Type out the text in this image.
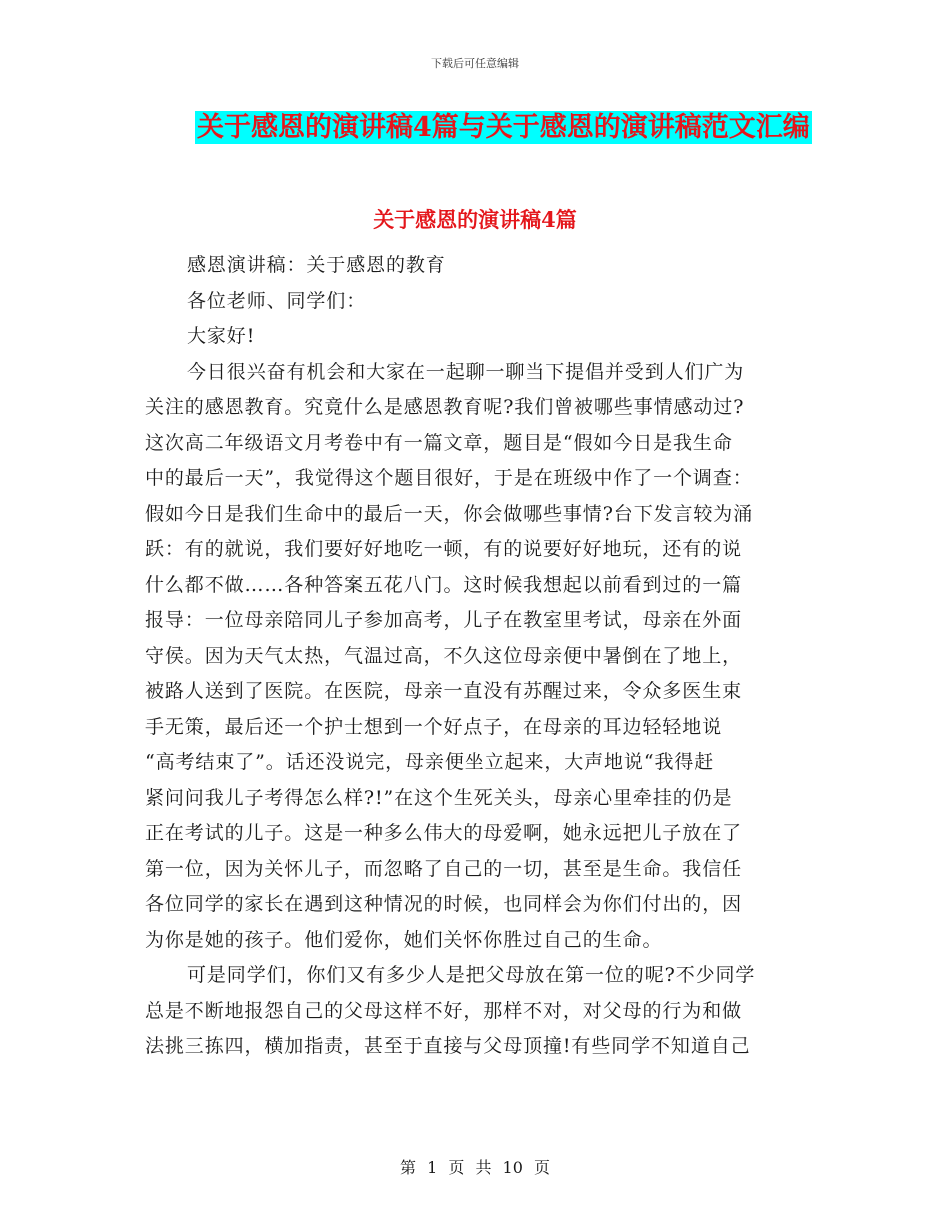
下载后可任意编辑
关于感恩的演讲稿4篇与关于感恩的演讲稿范文汇编
关于感恩的演讲稿4篇
感恩演讲稿：关于感恩的教育
各位老师、同学们：
大家好!
今日很兴奋有机会和大家在一起聊一聊当下提倡并受到人们广为
关注的感恩教育。究竟什么是感恩教育呢?我们曾被哪些事情感动过?
这次高二年级语文月考卷中有一篇文章，题目是“假如今日是我生命
中的最后一天”，我觉得这个题目很好，于是在班级中作了一个调查：
假如今日是我们生命中的最后一天，你会做哪些事情?台下发言较为涌
跃：有的就说，我们要好好地吃一顿，有的说要好好地玩，还有的说
什么都不做……各种答案五花八门。这时候我想起以前看到过的一篇
报导：一位母亲陪同儿子参加高考，儿子在教室里考试，母亲在外面
守侯。因为天气太热，气温过高，不久这位母亲便中暑倒在了地上，
被路人送到了医院。在医院，母亲一直没有苏醒过来，令众多医生束
手无策，最后还一个护士想到一个好点子，在母亲的耳边轻轻地说
“高考结束了”。话还没说完，母亲便坐立起来，大声地说“我得赶
紧问问我儿子考得怎么样?!”在这个生死关头，母亲心里牵挂的仍是
正在考试的儿子。这是一种多么伟大的母爱啊，她永远把儿子放在了
第一位，因为关怀儿子，而忽略了自己的一切，甚至是生命。我信任
各位同学的家长在遇到这种情况的时候，也同样会为你们付出的，因
为你是她的孩子。他们爱你，她们关怀你胜过自己的生命。
可是同学们，你们又有多少人是把父母放在第一位的呢?不少同学
总是不断地报怨自己的父母这样不好，那样不对，对父母的行为和做
法挑三拣四，横加指责，甚至于直接与父母顶撞!有些同学不知道自己
第 1 页 共 10 页
